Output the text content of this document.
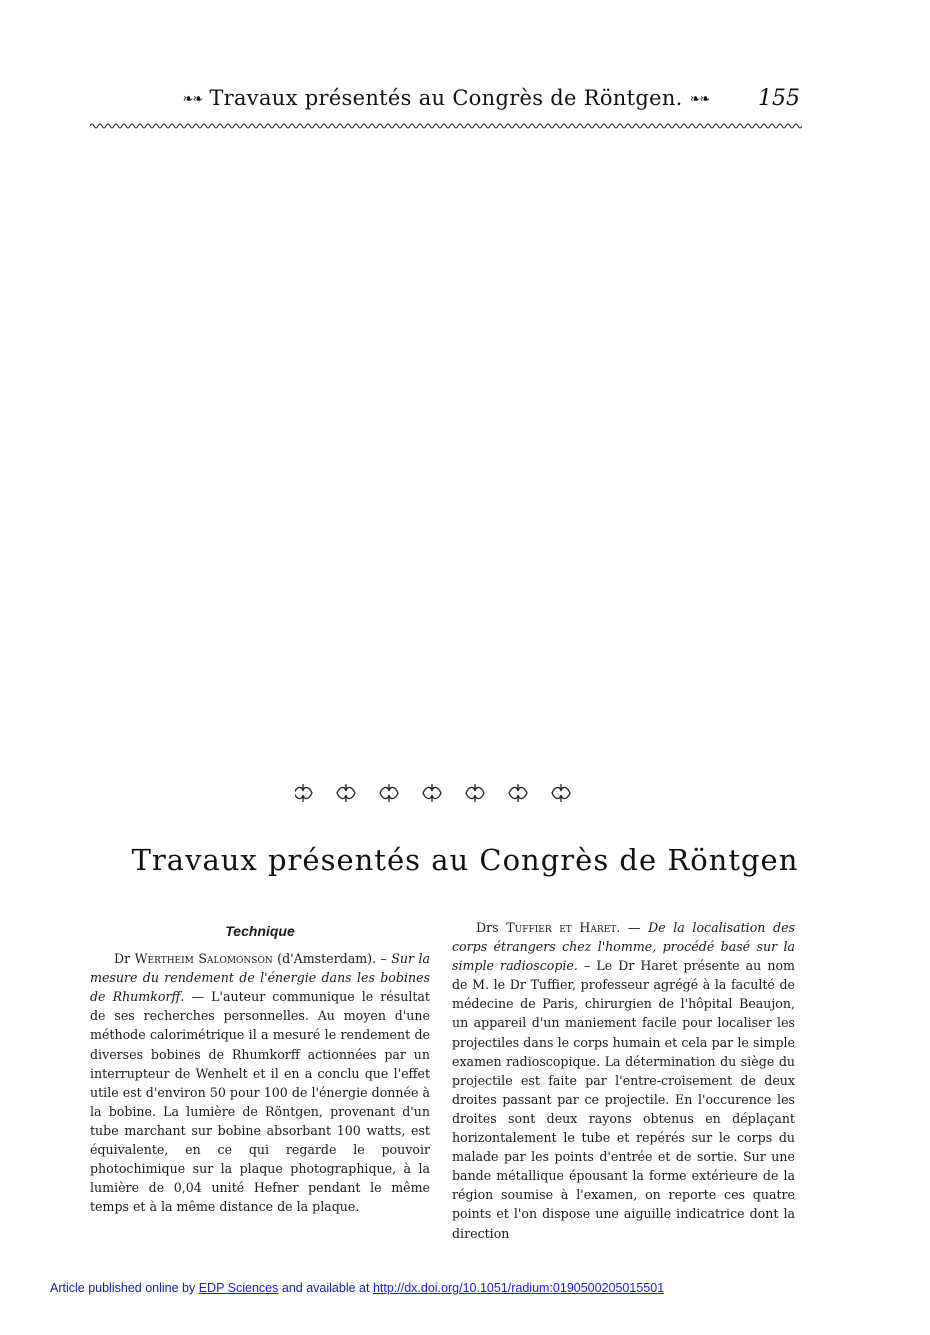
❧❧ Travaux présentés au Congrès de Röntgen. ❧❧	155
Travaux présentés au Congrès de Röntgen
Technique

Dr Wertheim Salomonson (d'Amsterdam). – Sur la mesure du rendement de l'énergie dans les bobines de Rhumkorff. — L'auteur communique le résultat de ses recherches personnelles. Au moyen d'une méthode calorimétrique il a mesuré le rendement de diverses bobines de Rhumkorff actionnées par un interrupteur de Wenhelt et il en a conclu que l'effet utile est d'environ 50 pour 100 de l'énergie donnée à la bobine. La lumière de Röntgen, provenant d'un tube marchant sur bobine absorbant 100 watts, est équivalente, en ce qui regarde le pouvoir photochimique sur la plaque photographique, à la lumière de 0,04 unité Hefner pendant le même temps et à la même distance de la plaque.

Drs Tuffier et Haret. — De la localisation des corps étrangers chez l'homme, procédé basé sur la simple radioscopie. – Le Dr Haret présente au nom de M. le Dr Tuffier, professeur agrégé à la faculté de médecine de Paris, chirurgien de l'hôpital Beaujon, un appareil d'un maniement facile pour localiser les projectiles dans le corps humain et cela par le simple examen radioscopique. La détermination du siège du projectile est faite par l'entre-croisement de deux droites passant par ce projectile. En l'occurence les droites sont deux rayons obtenus en déplaçant horizontalement le tube et repérés sur le corps du malade par les points d'entrée et de sortie. Sur une bande métallique épousant la forme extérieure de la région soumise à l'examen, on reporte ces quatre points et l'on dispose une aiguille indicatrice dont la direction

Article published online by EDP Sciences and available at http://dx.doi.org/10.1051/radium:0190500205015501
